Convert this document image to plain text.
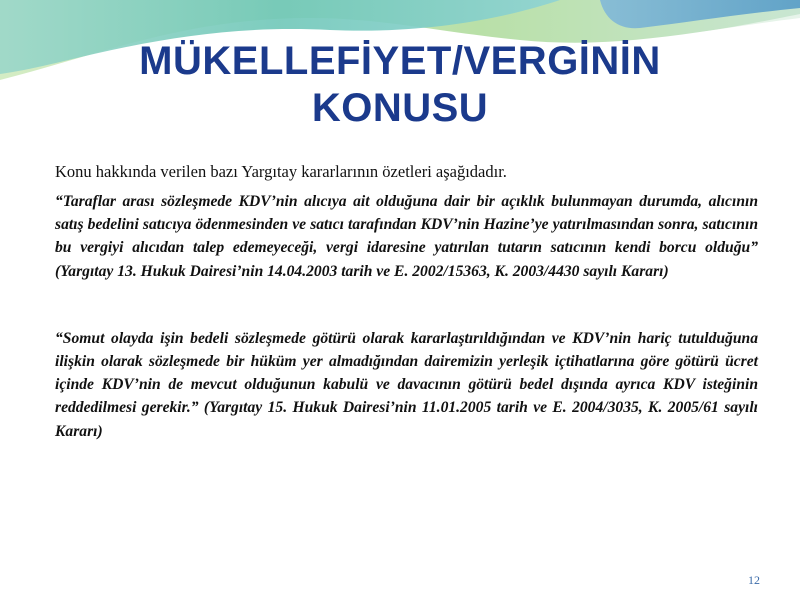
MÜKELLEFİYET/VERGİNİN
KONUSU

Konu hakkında verilen bazı Yargıtay kararlarının özetleri aşağıdadır.

“Taraflar arası sözleşmede KDV’nin alıcıya ait olduğuna dair bir açıklık bulunmayan durumda, alıcının satış bedelini satıcıya ödenmesinden ve satıcı tarafından KDV’nin Hazine’ye yatırılmasından sonra, satıcının bu vergiyi alıcıdan talep edemeyeceği, vergi idaresine yatırılan tutarın satıcının kendi borcu olduğu” (Yargıtay 13. Hukuk Dairesi’nin 14.04.2003 tarih ve E. 2002/15363, K. 2003/4430 sayılı Kararı)

“Somut olayda işin bedeli sözleşmede götürü olarak kararlaştırıldığından ve KDV’nin hariç tutulduğuna ilişkin olarak sözleşmede bir hüküm yer almadığından dairemizin yerleşik içtihatlarına göre götürü ücret içinde KDV’nin de mevcut olduğunun kabulü ve davacının götürü bedel dışında ayrıca KDV isteğinin reddedilmesi gerekir.” (Yargıtay 15. Hukuk Dairesi’nin 11.01.2005 tarih ve E. 2004/3035, K. 2005/61 sayılı Kararı)

12
